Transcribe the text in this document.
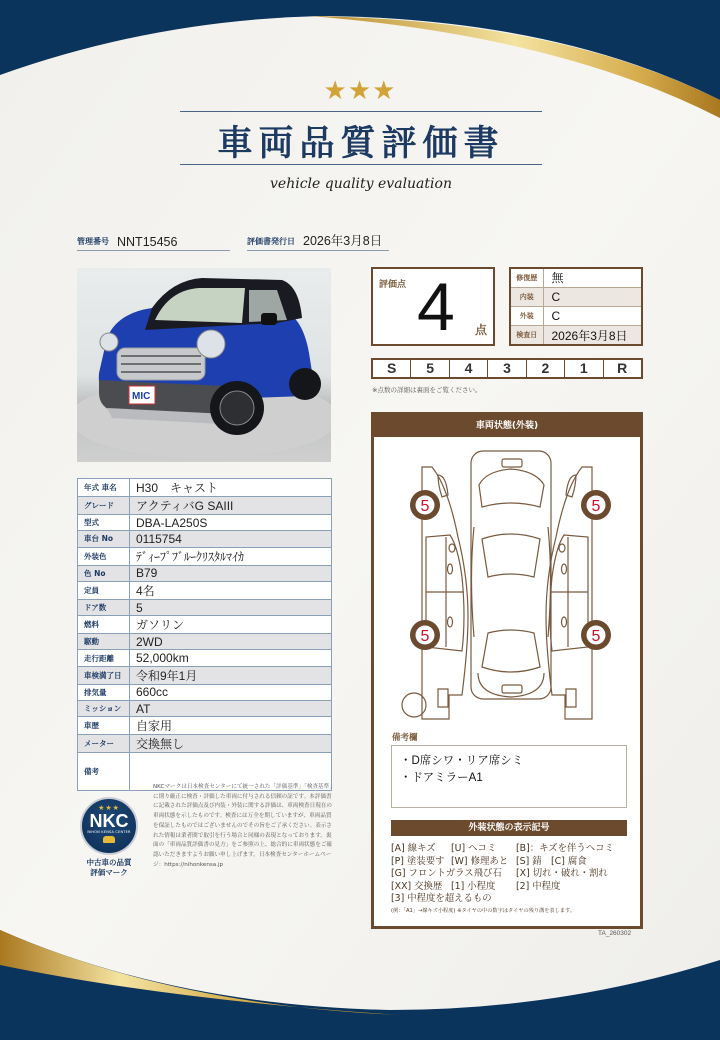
★★★
車両品質評価書
vehicle quality evaluation
管理番号 NNT15456	評価書発行日 2026年3月8日
MIC
年式 車名	H30　キャスト
グレード	アクティバG SAIII
型式	DBA-LA250S
車台 No	0115754
外装色	ﾃﾞｨｰﾌﾟﾌﾞﾙｰｸﾘｽﾀﾙﾏｲｶ
色 No	B79
定員	4名
ドア数	5
燃料	ガソリン
駆動	2WD
走行距離	52,000km
車検満了日	令和9年1月
排気量	660cc
ミッション	AT
車歴	自家用
メーター	交換無し
備考	
★★★
NKC
NIHON KENSA CENTER
中古車の品質
評価マーク
NKCマークは日本検査センターにて統一された「評価基準」「検査基準」に則り厳正に検査・評価した車両に付与される信頼の証です。本評価書に記載された評価点及び内装・外装に関する評価は、車両検査日現在の車両状態を示したものです。検査には万全を期していますが、車両品質を保証したものではございませんのでその旨をご了承ください。表示された情報は業者間で取引を行う場合と同様の表現となっております。裏面の「車両品質評価書の見方」をご参照の上、総合的に車両状態をご確認いただきますようお願い申し上げます。日本検査センターホームページ：https://nihonkensa.jp
評価点 4 点
修復歴	無
内装	C
外装	C
検査日	2026年3月8日
S	5	4	3	2	1	R
※点数の詳細は裏面をご覧ください。
車両状態(外装)
5	5
5	5
備考欄
・D席シワ・リア席シミ
・ドアミラーA1
外装状態の表示記号
[A] 線キズ	[U] ヘコミ	[B]：キズを伴うヘコミ
[P] 塗装要す [W] 修理あと [S] 錆　[C] 腐食
[G] フロントガラス飛び石	[X] 切れ・破れ・割れ
[XX] 交換歴 [1] 小程度	[2] 中程度
[3] 中程度を超えるもの
(例：「A1」→線キズ小程度) ※タイヤの中の数字はタイヤの残り溝を表します。
TA_260302
